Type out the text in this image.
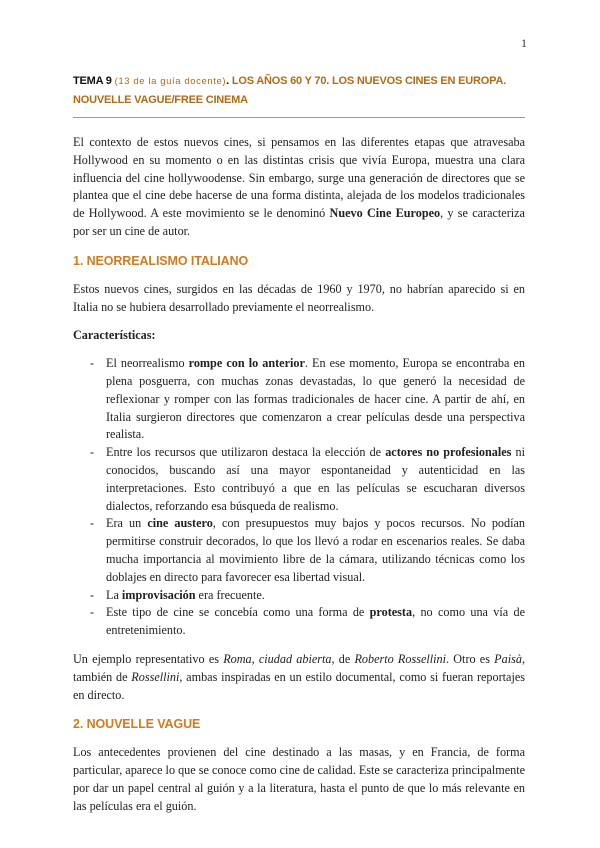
1
TEMA 9 (13 de la guía docente). LOS AÑOS 60 Y 70. LOS NUEVOS CINES EN EUROPA. NOUVELLE VAGUE/FREE CINEMA

El contexto de estos nuevos cines, si pensamos en las diferentes etapas que atravesaba Hollywood en su momento o en las distintas crisis que vivía Europa, muestra una clara influencia del cine hollywoodense. Sin embargo, surge una generación de directores que se plantea que el cine debe hacerse de una forma distinta, alejada de los modelos tradicionales de Hollywood. A este movimiento se le denominó Nuevo Cine Europeo, y se caracteriza por ser un cine de autor.

1. NEORREALISMO ITALIANO

Estos nuevos cines, surgidos en las décadas de 1960 y 1970, no habrían aparecido si en Italia no se hubiera desarrollado previamente el neorrealismo.

Características:

- El neorrealismo rompe con lo anterior. En ese momento, Europa se encontraba en plena posguerra, con muchas zonas devastadas, lo que generó la necesidad de reflexionar y romper con las formas tradicionales de hacer cine. A partir de ahí, en Italia surgieron directores que comenzaron a crear películas desde una perspectiva realista.
- Entre los recursos que utilizaron destaca la elección de actores no profesionales ni conocidos, buscando así una mayor espontaneidad y autenticidad en las interpretaciones. Esto contribuyó a que en las películas se escucharan diversos dialectos, reforzando esa búsqueda de realismo.
- Era un cine austero, con presupuestos muy bajos y pocos recursos. No podían permitirse construir decorados, lo que los llevó a rodar en escenarios reales. Se daba mucha importancia al movimiento libre de la cámara, utilizando técnicas como los doblajes en directo para favorecer esa libertad visual.
- La improvisación era frecuente.
- Este tipo de cine se concebía como una forma de protesta, no como una vía de entretenimiento.

Un ejemplo representativo es Roma, ciudad abierta, de Roberto Rossellini. Otro es Paisà, también de Rossellini, ambas inspiradas en un estilo documental, como si fueran reportajes en directo.

2. NOUVELLE VAGUE

Los antecedentes provienen del cine destinado a las masas, y en Francia, de forma particular, aparece lo que se conoce como cine de calidad. Este se caracteriza principalmente por dar un papel central al guión y a la literatura, hasta el punto de que lo más relevante en las películas era el guión.
